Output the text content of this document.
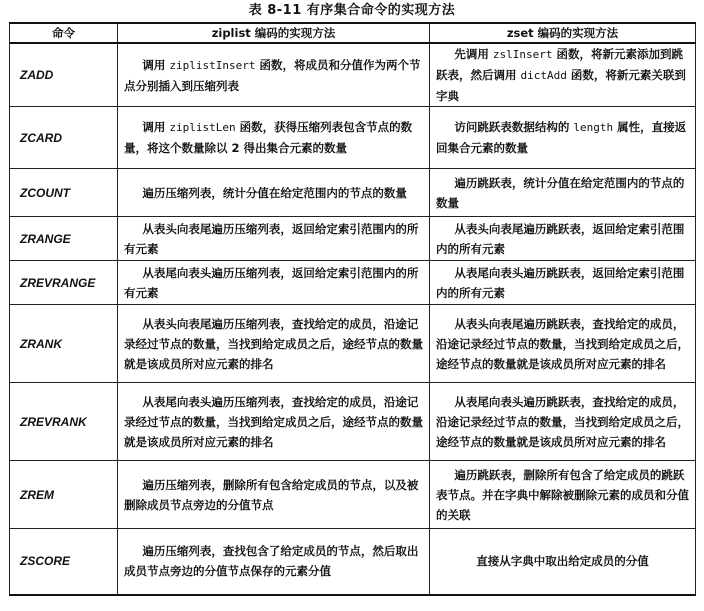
表 8-11 有序集合命令的实现方法
命令	ziplist 编码的实现方法	zset 编码的实现方法
ZADD	调用 ziplistInsert 函数，将成员和分值作为两个节点分别插入到压缩列表	先调用 zslInsert 函数，将新元素添加到跳跃表，然后调用 dictAdd 函数，将新元素关联到字典
ZCARD	调用 ziplistLen 函数，获得压缩列表包含节点的数量，将这个数量除以 2 得出集合元素的数量	访问跳跃表数据结构的 length 属性，直接返回集合元素的数量
ZCOUNT	遍历压缩列表，统计分值在给定范围内的节点的数量	遍历跳跃表，统计分值在给定范围内的节点的数量
ZRANGE	从表头向表尾遍历压缩列表，返回给定索引范围内的所有元素	从表头向表尾遍历跳跃表，返回给定索引范围内的所有元素
ZREVRANGE	从表尾向表头遍历压缩列表，返回给定索引范围内的所有元素	从表尾向表头遍历跳跃表，返回给定索引范围内的所有元素
ZRANK	从表头向表尾遍历压缩列表，查找给定的成员，沿途记录经过节点的数量，当找到给定成员之后，途经节点的数量就是该成员所对应元素的排名	从表头向表尾遍历跳跃表，查找给定的成员，沿途记录经过节点的数量，当找到给定成员之后，途经节点的数量就是该成员所对应元素的排名
ZREVRANK	从表尾向表头遍历压缩列表，查找给定的成员，沿途记录经过节点的数量，当找到给定成员之后，途经节点的数量就是该成员所对应元素的排名	从表尾向表头遍历跳跃表，查找给定的成员，沿途记录经过节点的数量，当找到给定成员之后，途经节点的数量就是该成员所对应元素的排名
ZREM	遍历压缩列表，删除所有包含给定成员的节点，以及被删除成员节点旁边的分值节点	遍历跳跃表，删除所有包含了给定成员的跳跃表节点。并在字典中解除被删除元素的成员和分值的关联
ZSCORE	遍历压缩列表，查找包含了给定成员的节点，然后取出成员节点旁边的分值节点保存的元素分值	直接从字典中取出给定成员的分值
